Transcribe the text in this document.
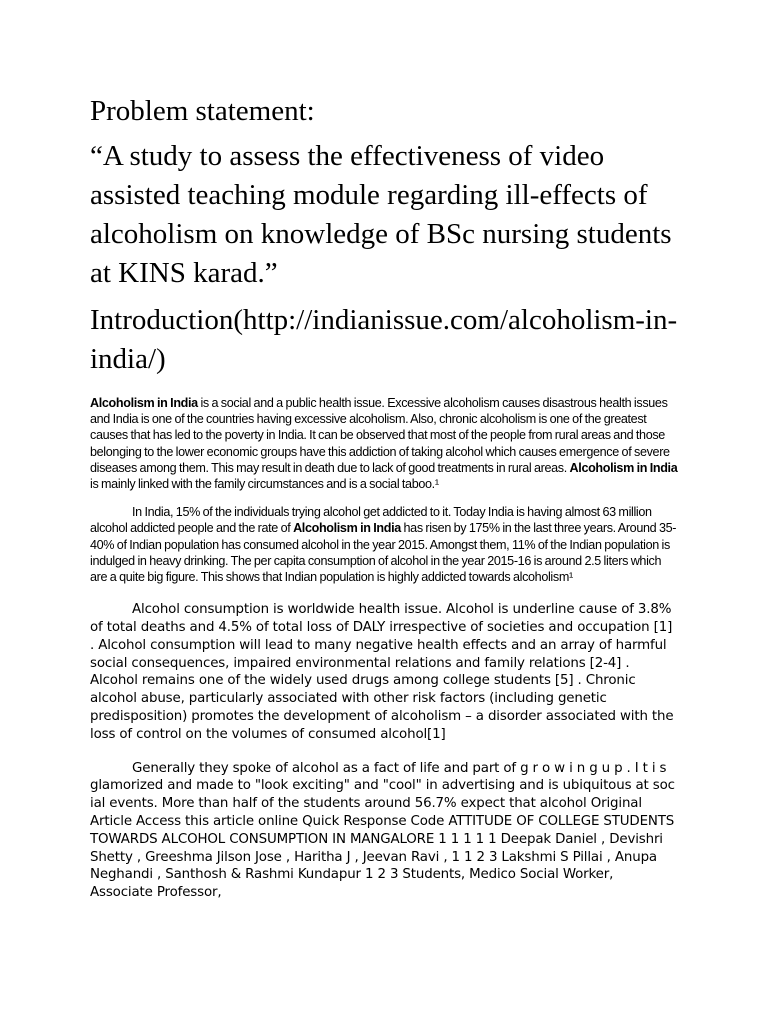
Problem statement:

“A study to assess the effectiveness of video assisted teaching module regarding ill-effects of alcoholism on knowledge of BSc nursing students at KINS karad.”

Introduction(http://indianissue.com/alcoholism-in-india/)

Alcoholism in India is a social and a public health issue. Excessive alcoholism causes disastrous health issues and India is one of the countries having excessive alcoholism. Also, chronic alcoholism is one of the greatest causes that has led to the poverty in India. It can be observed that most of the people from rural areas and those belonging to the lower economic groups have this addiction of taking alcohol which causes emergence of severe diseases among them. This may result in death due to lack of good treatments in rural areas. Alcoholism in India is mainly linked with the family circumstances and is a social taboo.¹

In India, 15% of the individuals trying alcohol get addicted to it. Today India is having almost 63 million alcohol addicted people and the rate of Alcoholism in India has risen by 175% in the last three years. Around 35-40% of Indian population has consumed alcohol in the year 2015. Amongst them, 11% of the Indian population is indulged in heavy drinking. The per capita consumption of alcohol in the year 2015-16 is around 2.5 liters which are a quite big figure. This shows that Indian population is highly addicted towards alcoholism¹

Alcohol consumption is worldwide health issue. Alcohol is underline cause of 3.8% of total deaths and 4.5% of total loss of DALY irrespective of societies and occupation [1] . Alcohol consumption will lead to many negative health effects and an array of harmful social consequences, impaired environmental relations and family relations [2-4] . Alcohol remains one of the widely used drugs among college students [5] . Chronic alcohol abuse, particularly associated with other risk factors (including genetic predisposition) promotes the development of alcoholism – a disorder associated with the loss of control on the volumes of consumed alcohol[1]

Generally they spoke of alcohol as a fact of life and part of g r o w i n g u p . I t i s glamorized and made to "look exciting" and "cool" in advertising and is ubiquitous at soc ial events. More than half of the students around 56.7% expect that alcohol Original Article Access this article online Quick Response Code ATTITUDE OF COLLEGE STUDENTS TOWARDS ALCOHOL CONSUMPTION IN MANGALORE 1 1 1 1 1 Deepak Daniel , Devishri Shetty , Greeshma Jilson Jose , Haritha J , Jeevan Ravi , 1 1 2 3 Lakshmi S Pillai , Anupa Neghandi , Santhosh & Rashmi Kundapur 1 2 3 Students, Medico Social Worker, Associate Professor,
